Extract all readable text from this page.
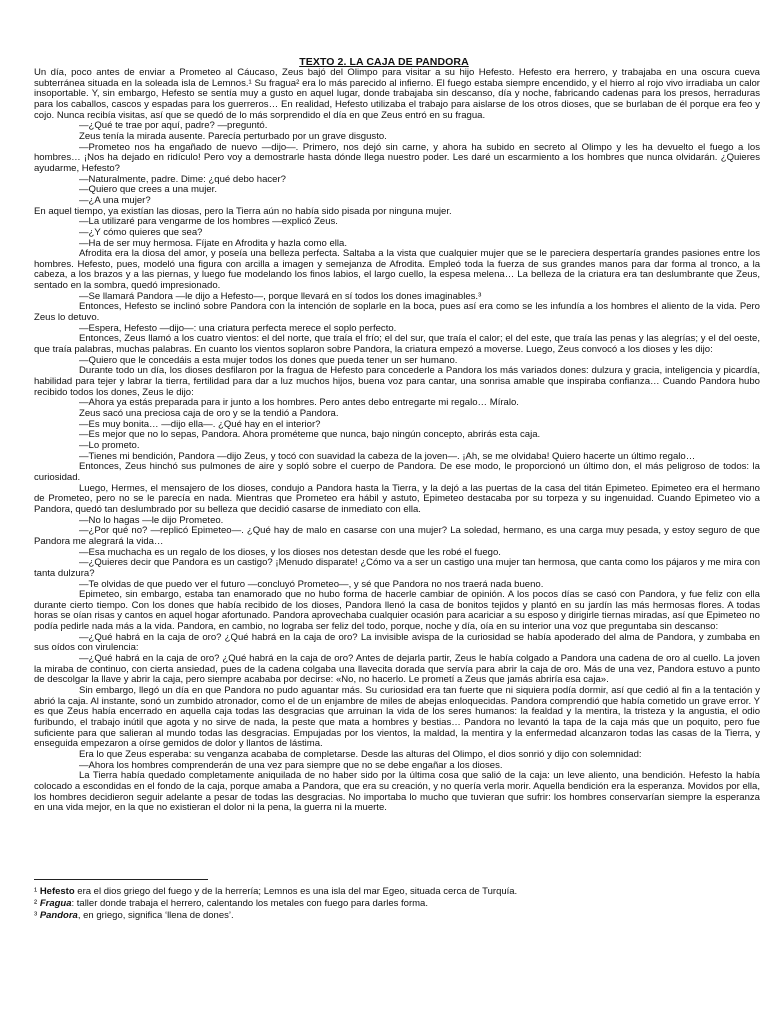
TEXTO 2. LA CAJA DE PANDORA

Un día, poco antes de enviar a Prometeo al Cáucaso, Zeus bajó del Olimpo para visitar a su hijo Hefesto. Hefesto era herrero, y trabajaba en una oscura cueva subterránea situada en la soleada isla de Lemnos.¹ Su fragua² era lo más parecido al infierno. El fuego estaba siempre encendido, y el hierro al rojo vivo irradiaba un calor insoportable. Y, sin embargo, Hefesto se sentía muy a gusto en aquel lugar, donde trabajaba sin descanso, día y noche, fabricando cadenas para los presos, herraduras para los caballos, cascos y espadas para los guerreros… En realidad, Hefesto utilizaba el trabajo para aislarse de los otros dioses, que se burlaban de él porque era feo y cojo. Nunca recibía visitas, así que se quedó de lo más sorprendido el día en que Zeus entró en su fragua.

—¿Qué te trae por aquí, padre? —preguntó.

Zeus tenía la mirada ausente. Parecía perturbado por un grave disgusto.

—Prometeo nos ha engañado de nuevo —dijo—. Primero, nos dejó sin carne, y ahora ha subido en secreto al Olimpo y les ha devuelto el fuego a los hombres… ¡Nos ha dejado en ridículo! Pero voy a demostrarle hasta dónde llega nuestro poder. Les daré un escarmiento a los hombres que nunca olvidarán. ¿Quieres ayudarme, Hefesto?

—Naturalmente, padre. Dime: ¿qué debo hacer?

—Quiero que crees a una mujer.

—¿A una mujer?

En aquel tiempo, ya existían las diosas, pero la Tierra aún no había sido pisada por ninguna mujer.

—La utilizaré para vengarme de los hombres —explicó Zeus.

—¿Y cómo quieres que sea?

—Ha de ser muy hermosa. Fíjate en Afrodita y hazla como ella.

Afrodita era la diosa del amor, y poseía una belleza perfecta. Saltaba a la vista que cualquier mujer que se le pareciera despertaría grandes pasiones entre los hombres. Hefesto, pues, modeló una figura con arcilla a imagen y semejanza de Afrodita. Empleó toda la fuerza de sus grandes manos para dar forma al tronco, a la cabeza, a los brazos y a las piernas, y luego fue modelando los finos labios, el largo cuello, la espesa melena… La belleza de la criatura era tan deslumbrante que Zeus, sentado en la sombra, quedó impresionado.

—Se llamará Pandora —le dijo a Hefesto—, porque llevará en sí todos los dones imaginables.³

Entonces, Hefesto se inclinó sobre Pandora con la intención de soplarle en la boca, pues así era como se les infundía a los hombres el aliento de la vida. Pero Zeus lo detuvo.

—Espera, Hefesto —dijo—: una criatura perfecta merece el soplo perfecto.

Entonces, Zeus llamó a los cuatro vientos: el del norte, que traía el frío; el del sur, que traía el calor; el del este, que traía las penas y las alegrías; y el del oeste, que traía palabras, muchas palabras. En cuanto los vientos soplaron sobre Pandora, la criatura empezó a moverse. Luego, Zeus convocó a los dioses y les dijo:

—Quiero que le concedáis a esta mujer todos los dones que pueda tener un ser humano.

Durante todo un día, los dioses desfilaron por la fragua de Hefesto para concederle a Pandora los más variados dones: dulzura y gracia, inteligencia y picardía, habilidad para tejer y labrar la tierra, fertilidad para dar a luz muchos hijos, buena voz para cantar, una sonrisa amable que inspiraba confianza… Cuando Pandora hubo recibido todos los dones, Zeus le dijo:

—Ahora ya estás preparada para ir junto a los hombres. Pero antes debo entregarte mi regalo… Míralo.

Zeus sacó una preciosa caja de oro y se la tendió a Pandora.

—Es muy bonita… —dijo ella—. ¿Qué hay en el interior?

—Es mejor que no lo sepas, Pandora. Ahora prométeme que nunca, bajo ningún concepto, abrirás esta caja.

—Lo prometo.

—Tienes mi bendición, Pandora —dijo Zeus, y tocó con suavidad la cabeza de la joven—. ¡Ah, se me olvidaba! Quiero hacerte un último regalo…

Entonces, Zeus hinchó sus pulmones de aire y sopló sobre el cuerpo de Pandora. De ese modo, le proporcionó un último don, el más peligroso de todos: la curiosidad.

Luego, Hermes, el mensajero de los dioses, condujo a Pandora hasta la Tierra, y la dejó a las puertas de la casa del titán Epimeteo. Epimeteo era el hermano de Prometeo, pero no se le parecía en nada. Mientras que Prometeo era hábil y astuto, Epimeteo destacaba por su torpeza y su ingenuidad. Cuando Epimeteo vio a Pandora, quedó tan deslumbrado por su belleza que decidió casarse de inmediato con ella.

—No lo hagas —le dijo Prometeo.

—¿Por qué no? —replicó Epimeteo—. ¿Qué hay de malo en casarse con una mujer? La soledad, hermano, es una carga muy pesada, y estoy seguro de que Pandora me alegrará la vida…

—Esa muchacha es un regalo de los dioses, y los dioses nos detestan desde que les robé el fuego.

—¿Quieres decir que Pandora es un castigo? ¡Menudo disparate! ¿Cómo va a ser un castigo una mujer tan hermosa, que canta como los pájaros y me mira con tanta dulzura?

—Te olvidas de que puedo ver el futuro —concluyó Prometeo—, y sé que Pandora no nos traerá nada bueno.

Epimeteo, sin embargo, estaba tan enamorado que no hubo forma de hacerle cambiar de opinión. A los pocos días se casó con Pandora, y fue feliz con ella durante cierto tiempo. Con los dones que había recibido de los dioses, Pandora llenó la casa de bonitos tejidos y plantó en su jardín las más hermosas flores. A todas horas se oían risas y cantos en aquel hogar afortunado. Pandora aprovechaba cualquier ocasión para acariciar a su esposo y dirigirle tiernas miradas, así que Epimeteo no podía pedirle nada más a la vida. Pandora, en cambio, no lograba ser feliz del todo, porque, noche y día, oía en su interior una voz que preguntaba sin descanso:

—¿Qué habrá en la caja de oro? ¿Qué habrá en la caja de oro? La invisible avispa de la curiosidad se había apoderado del alma de Pandora, y zumbaba en sus oídos con virulencia:

—¿Qué habrá en la caja de oro? ¿Qué habrá en la caja de oro? Antes de dejarla partir, Zeus le había colgado a Pandora una cadena de oro al cuello. La joven la miraba de continuo, con cierta ansiedad, pues de la cadena colgaba una llavecita dorada que servía para abrir la caja de oro. Más de una vez, Pandora estuvo a punto de descolgar la llave y abrir la caja, pero siempre acababa por decirse: «No, no hacerlo. Le prometí a Zeus que jamás abriría esa caja».

Sin embargo, llegó un día en que Pandora no pudo aguantar más. Su curiosidad era tan fuerte que ni siquiera podía dormir, así que cedió al fin a la tentación y abrió la caja. Al instante, sonó un zumbido atronador, como el de un enjambre de miles de abejas enloquecidas. Pandora comprendió que había cometido un grave error. Y es que Zeus había encerrado en aquella caja todas las desgracias que arruinan la vida de los seres humanos: la fealdad y la mentira, la tristeza y la angustia, el odio furibundo, el trabajo inútil que agota y no sirve de nada, la peste que mata a hombres y bestias… Pandora no levantó la tapa de la caja más que un poquito, pero fue suficiente para que salieran al mundo todas las desgracias. Empujadas por los vientos, la maldad, la mentira y la enfermedad alcanzaron todas las casas de la Tierra, y enseguida empezaron a oírse gemidos de dolor y llantos de lástima.

Era lo que Zeus esperaba: su venganza acababa de completarse. Desde las alturas del Olimpo, el dios sonrió y dijo con solemnidad:

—Ahora los hombres comprenderán de una vez para siempre que no se debe engañar a los dioses.

La Tierra había quedado completamente aniquilada de no haber sido por la última cosa que salió de la caja: un leve aliento, una bendición. Hefesto la había colocado a escondidas en el fondo de la caja, porque amaba a Pandora, que era su creación, y no quería verla morir. Aquella bendición era la esperanza. Movidos por ella, los hombres decidieron seguir adelante a pesar de todas las desgracias. No importaba lo mucho que tuvieran que sufrir: los hombres conservarían siempre la esperanza en una vida mejor, en la que no existieran el dolor ni la pena, la guerra ni la muerte.

¹ Hefesto era el dios griego del fuego y de la herrería; Lemnos es una isla del mar Egeo, situada cerca de Turquía.

² Fragua: taller donde trabaja el herrero, calentando los metales con fuego para darles forma.

³ Pandora, en griego, significa ‘llena de dones’.
